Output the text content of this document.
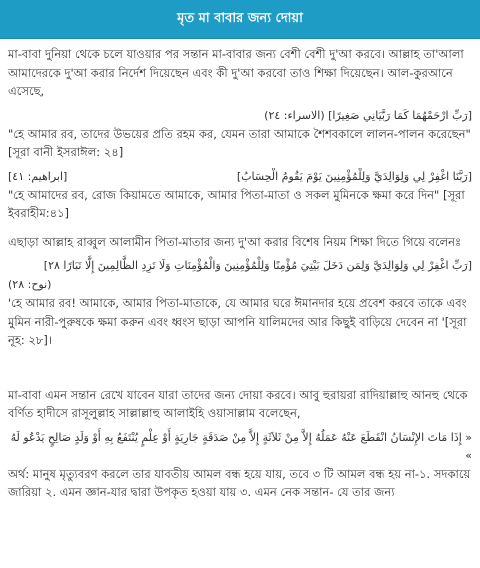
মৃত মা বাবার জন্য দোয়া

মা-বাবা দুনিয়া থেকে চলে যাওয়ার পর সন্তান মা-বাবার জন্য বেশী বেশী দু'আ করবে। আল্লাহ তা'আলা আমাদেরকে দু'আ করার নির্দেশ দিয়েছেন এবং কী দু'আ করবো তাও শিক্ষা দিয়েছেন। আল-কুরআনে এসেছে,

[رَبِّ ارْحَمْهُمَا كَمَا رَبَّيَانِي صَغِيرًا] (الاسراء: ٢٤)

"হে আমার রব, তাদের উভয়ের প্রতি রহম কর, যেমন তারা আমাকে শৈশবকালে লালন-পালন করেছেন" [সূরা বানী ইসরাঈল: ২৪]

[ابراهيم: ٤١]	[رَبَّنَا اغْفِرْ لِي وَلِوَالِدَيَّ وَلِلْمُؤْمِنِينَ يَوْمَ يَقُومُ الْحِسَابُ]

"হে আমাদের রব, রোজ কিয়ামতে আমাকে, আমার পিতা-মাতা ও সকল মুমিনকে ক্ষমা করে দিন" [সূরা ইবরাহীম:৪১]

এছাড়া আল্লাহ রাব্বুল আলামীন পিতা-মাতার জন্য দু'আ করার বিশেষ নিয়ম শিক্ষা দিতে গিয়ে বলেনঃ

[رَبِّ اغْفِرْ لِي وَلِوَالِدَيَّ وَلِمَن دَخَلَ بَيْتِيَ مُؤْمِنًا وَلِلْمُؤْمِنِينَ وَالْمُؤْمِنَاتِ وَلَا تَزِدِ الظَّالِمِينَ إِلَّا تَبَارًا ٢٨]

(نوح: ٢٨)

'হে আমার রব! আমাকে, আমার পিতা-মাতাকে, যে আমার ঘরে ঈমানদার হয়ে প্রবেশ করবে তাকে এবং মুমিন নারী-পুরুষকে ক্ষমা করুন এবং ধ্বংস ছাড়া আপনি যালিমদের আর কিছুই বাড়িয়ে দেবেন না '[সূরা নূহ: ২৮]।

মা-বাবা এমন সন্তান রেখে যাবেন যারা তাদের জন্য দোয়া করবে। আবু হুরায়রা রাদিয়াল্লাহু আনহু থেকে বর্ণিত হাদীসে রাসূলুল্লাহ সাল্লাল্লাহু আলাইহি ওয়াসাল্লাম বলেছেন,

« إِذَا مَاتَ الإِنْسَانُ انْقَطَعَ عَنْهُ عَمَلُهُ إِلاَّ مِنْ ثَلاَثَةٍ إِلاَّ مِنْ صَدَقَةٍ جَارِيَةٍ أَوْ عِلْمٍ يُنْتَفَعُ بِهِ أَوْ وَلَدٍ صَالِحٍ يَدْعُو لَهُ »

অর্থ: মানুষ মৃত্যুবরণ করলে তার যাবতীয় আমল বন্ধ হয়ে যায়, তবে ৩ টি আমল বন্ধ হয় না-১. সদকায়ে জারিয়া ২. এমন জ্ঞান-যার দ্বারা উপকৃত হওয়া যায় ৩. এমন নেক সন্তান- যে তার জন্য
